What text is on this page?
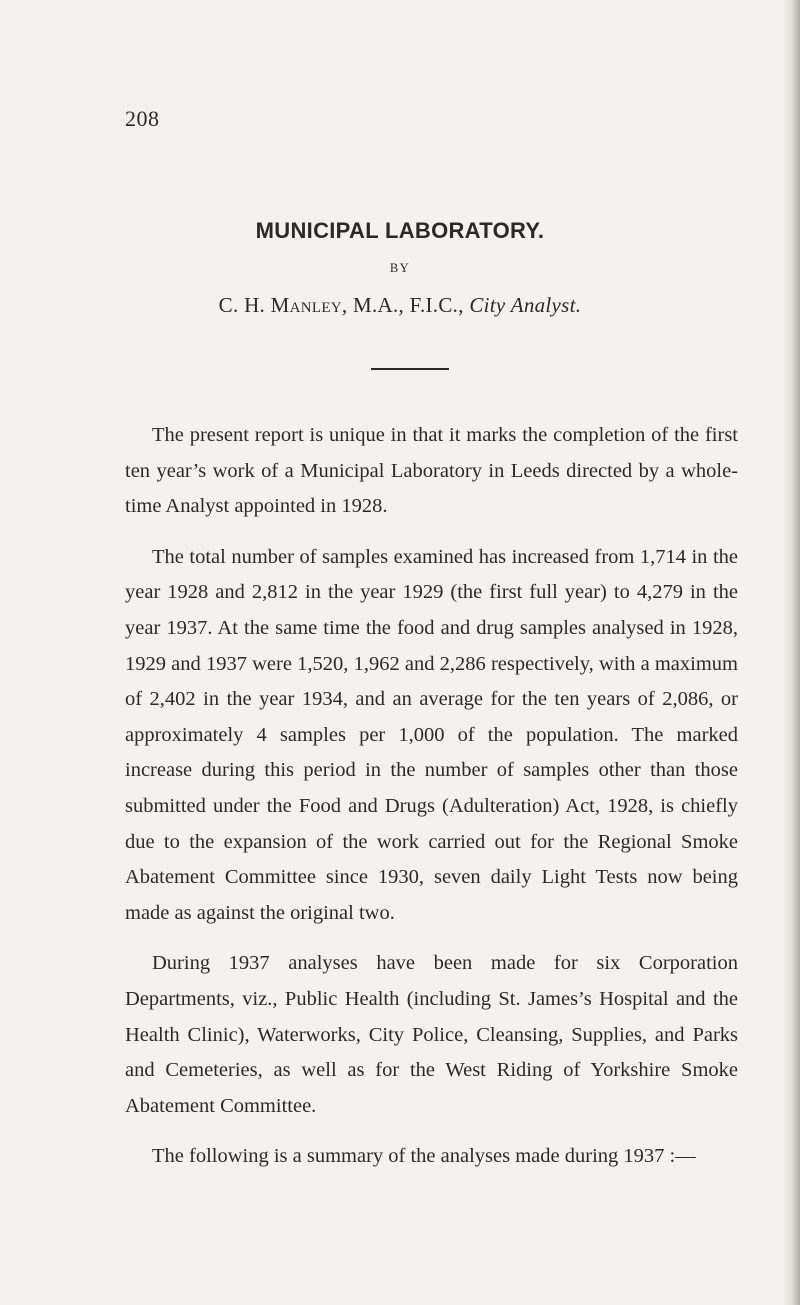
208
MUNICIPAL LABORATORY.
BY
C. H. Manley, M.A., F.I.C., City Analyst.

The present report is unique in that it marks the completion of the first ten year’s work of a Municipal Laboratory in Leeds directed by a whole-time Analyst appointed in 1928.

The total number of samples examined has increased from 1,714 in the year 1928 and 2,812 in the year 1929 (the first full year) to 4,279 in the year 1937. At the same time the food and drug samples analysed in 1928, 1929 and 1937 were 1,520, 1,962 and 2,286 respectively, with a maximum of 2,402 in the year 1934, and an average for the ten years of 2,086, or approximately 4 samples per 1,000 of the population. The marked increase during this period in the number of samples other than those submitted under the Food and Drugs (Adulteration) Act, 1928, is chiefly due to the expansion of the work carried out for the Regional Smoke Abatement Committee since 1930, seven daily Light Tests now being made as against the original two.

During 1937 analyses have been made for six Corporation Departments, viz., Public Health (including St. James’s Hospital and the Health Clinic), Waterworks, City Police, Cleansing, Supplies, and Parks and Cemeteries, as well as for the West Riding of Yorkshire Smoke Abatement Committee.

The following is a summary of the analyses made during 1937 :—
